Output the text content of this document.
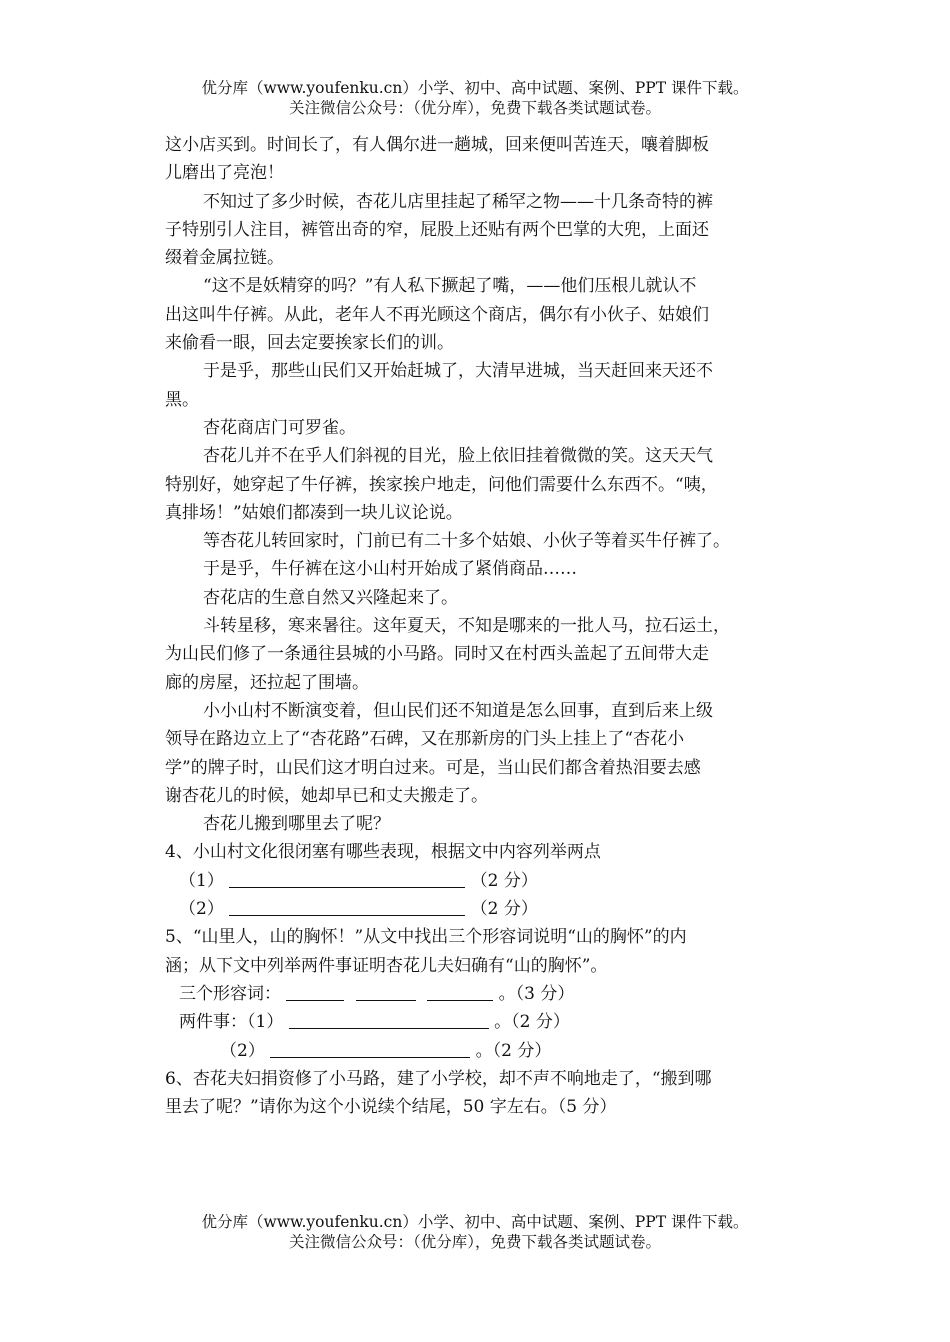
优分库（www.youfenku.cn）小学、初中、高中试题、案例、PPT 课件下载。
关注微信公众号：（优分库），免费下载各类试题试卷。

这小店买到。时间长了，有人偶尔进一趟城，回来便叫苦连天，嚷着脚板

儿磨出了亮泡！

不知过了多少时候，杏花儿店里挂起了稀罕之物——十几条奇特的裤

子特别引人注目，裤管出奇的窄，屁股上还贴有两个巴掌的大兜，上面还

缀着金属拉链。

“这不是妖精穿的吗？”有人私下撅起了嘴，——他们压根儿就认不

出这叫牛仔裤。从此，老年人不再光顾这个商店，偶尔有小伙子、姑娘们

来偷看一眼，回去定要挨家长们的训。

于是乎，那些山民们又开始赶城了，大清早进城，当天赶回来天还不

黑。

杏花商店门可罗雀。

杏花儿并不在乎人们斜视的目光，脸上依旧挂着微微的笑。这天天气

特别好，她穿起了牛仔裤，挨家挨户地走，问他们需要什么东西不。“咦，

真排场！”姑娘们都凑到一块儿议论说。

等杏花儿转回家时，门前已有二十多个姑娘、小伙子等着买牛仔裤了。

于是乎，牛仔裤在这小山村开始成了紧俏商品……

杏花店的生意自然又兴隆起来了。

斗转星移，寒来暑往。这年夏天，不知是哪来的一批人马，拉石运土，

为山民们修了一条通往县城的小马路。同时又在村西头盖起了五间带大走

廊的房屋，还拉起了围墙。

小小山村不断演变着，但山民们还不知道是怎么回事，直到后来上级

领导在路边立上了“杏花路”石碑，又在那新房的门头上挂上了“杏花小

学”的牌子时，山民们这才明白过来。可是，当山民们都含着热泪要去感

谢杏花儿的时候，她却早已和丈夫搬走了。

杏花儿搬到哪里去了呢？

4、小山村文化很闭塞有哪些表现，根据文中内容列举两点

（1）	（2 分）

（2）	（2 分）

5、“山里人，山的胸怀！”从文中找出三个形容词说明“山的胸怀”的内

涵；从下文中列举两件事证明杏花儿夫妇确有“山的胸怀”。

三个形容词：	。（3 分）

两件事：（1）	。（2 分）

（2）	。（2 分）

6、杏花夫妇捐资修了小马路，建了小学校，却不声不响地走了，“搬到哪

里去了呢？”请你为这个小说续个结尾，50 字左右。（5 分）

优分库（www.youfenku.cn）小学、初中、高中试题、案例、PPT 课件下载。
关注微信公众号：（优分库），免费下载各类试题试卷。
